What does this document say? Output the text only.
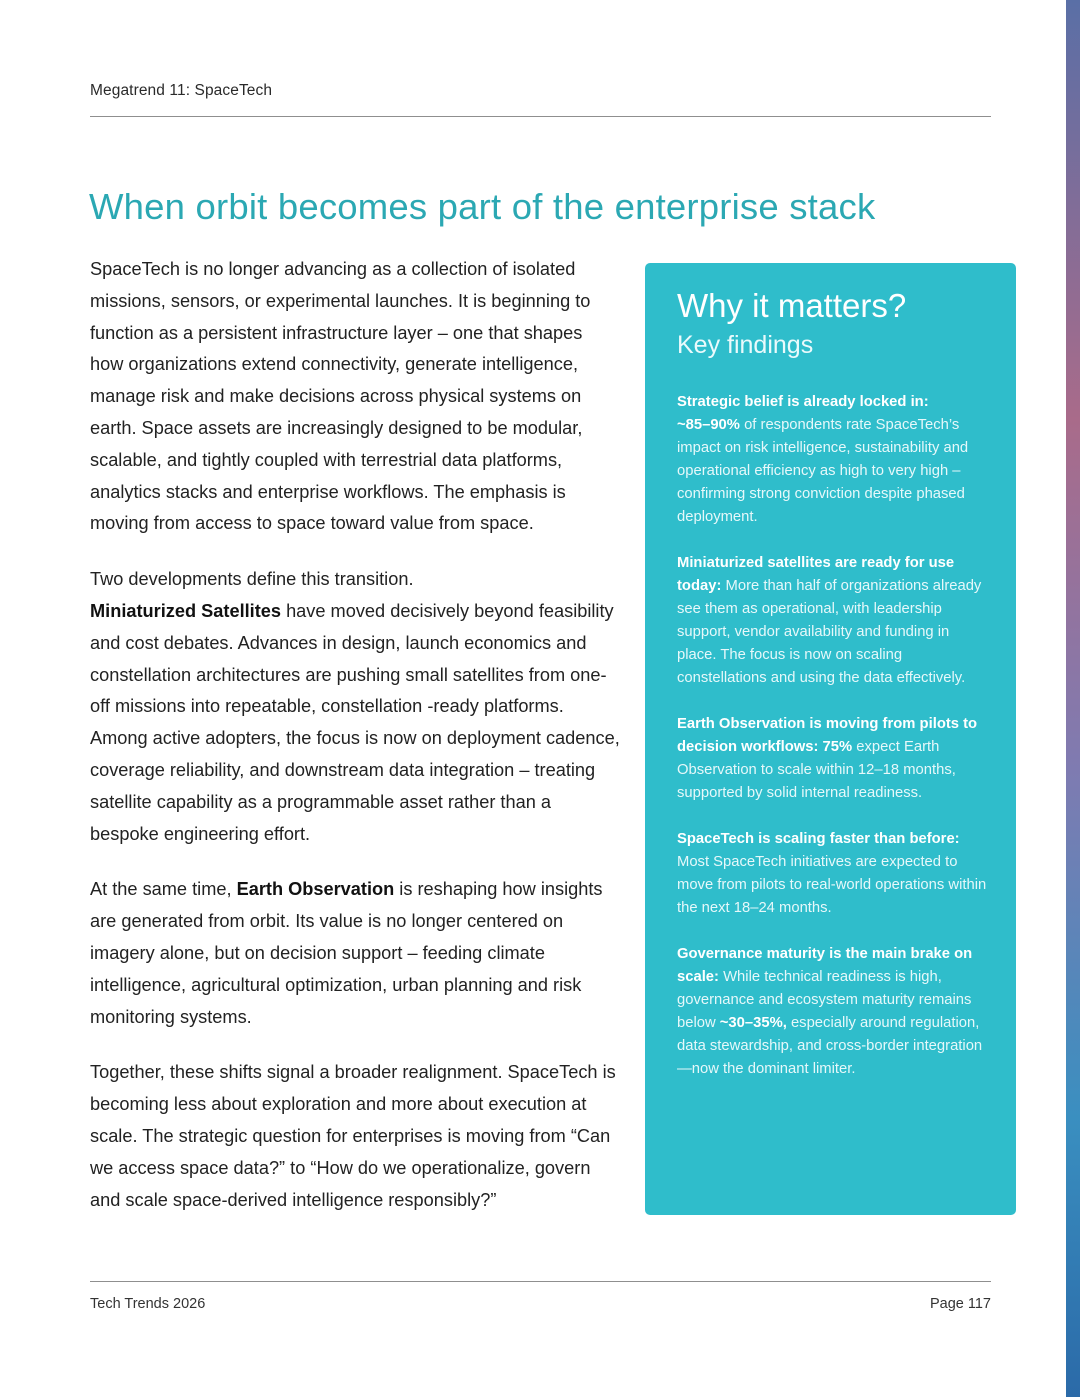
Megatrend 11: SpaceTech
When orbit becomes part of the enterprise stack

SpaceTech is no longer advancing as a collection of isolated missions, sensors, or experimental launches. It is beginning to function as a persistent infrastructure layer – one that shapes how organizations extend connectivity, generate intelligence, manage risk and make decisions across physical systems on earth. Space assets are increasingly designed to be modular, scalable, and tightly coupled with terrestrial data platforms, analytics stacks and enterprise workflows. The emphasis is moving from access to space toward value from space.

Two developments define this transition.
Miniaturized Satellites have moved decisively beyond feasibility and cost debates. Advances in design, launch economics and constellation architectures are pushing small satellites from one-off missions into repeatable, constellation -ready platforms. Among active adopters, the focus is now on deployment cadence, coverage reliability, and downstream data integration – treating satellite capability as a programmable asset rather than a bespoke engineering effort.

At the same time, Earth Observation is reshaping how insights are generated from orbit. Its value is no longer centered on imagery alone, but on decision support – feeding climate intelligence, agricultural optimization, urban planning and risk monitoring systems.

Together, these shifts signal a broader realignment. SpaceTech is becoming less about exploration and more about execution at scale. The strategic question for enterprises is moving from “Can we access space data?” to “How do we operationalize, govern and scale space-derived intelligence responsibly?”

Why it matters?
Key findings

Strategic belief is already locked in:
~85–90% of respondents rate SpaceTech’s impact on risk intelligence, sustainability and operational efficiency as high to very high – confirming strong conviction despite phased deployment.

Miniaturized satellites are ready for use today: More than half of organizations already see them as operational, with leadership support, vendor availability and funding in place. The focus is now on scaling constellations and using the data effectively.

Earth Observation is moving from pilots to decision workflows: 75% expect Earth Observation to scale within 12–18 months, supported by solid internal readiness.

SpaceTech is scaling faster than before: Most SpaceTech initiatives are expected to move from pilots to real-world operations within the next 18–24 months.

Governance maturity is the main brake on scale: While technical readiness is high, governance and ecosystem maturity remains below ~30–35%, especially around regulation, data stewardship, and cross-border integration—now the dominant limiter.

Tech Trends 2026	Page 117
